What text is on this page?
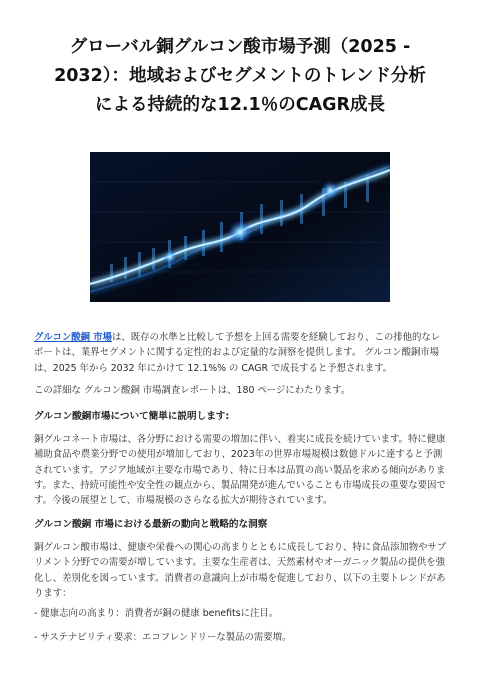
グローバル銅グルコン酸市場予測（2025 -
2032）：地域およびセグメントのトレンド分析
による持続的な12.1％のCAGR成長

グルコン酸銅 市場は、既存の水準と比較して予想を上回る需要を経験しており、この排他的なレポートは、業界セグメントに関する定性的および定量的な洞察を提供します。 グルコン酸銅市場は、2025 年から 2032 年にかけて 12.1%% の CAGR で成長すると予想されます。

この詳細な グルコン酸銅 市場調査レポートは、180 ページにわたります。

グルコン酸銅市場について簡単に説明します:

銅グルコネート市場は、各分野における需要の増加に伴い、着実に成長を続けています。特に健康補助食品や農業分野での使用が増加しており、2023年の世界市場規模は数億ドルに達すると予測されています。アジア地域が主要な市場であり、特に日本は品質の高い製品を求める傾向があります。また、持続可能性や安全性の観点から、製品開発が進んでいることも市場成長の重要な要因です。今後の展望として、市場規模のさらなる拡大が期待されています。

グルコン酸銅 市場における最新の動向と戦略的な洞察

銅グルコン酸市場は、健康や栄養への関心の高まりとともに成長しており、特に食品添加物やサプリメント分野での需要が増しています。主要な生産者は、天然素材やオーガニック製品の提供を強化し、差別化を図っています。消費者の意識向上が市場を促進しており、以下の主要トレンドがあります：

- 健康志向の高まり：消費者が銅の健康 benefitsに注目。

- サステナビリティ要求：エコフレンドリーな製品の需要増。
